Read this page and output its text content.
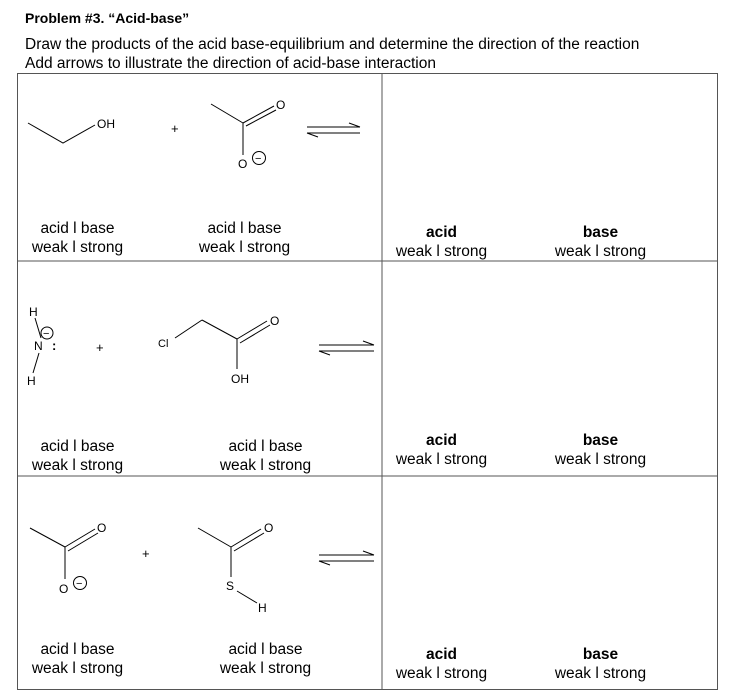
Problem #3. “Acid-base”
Draw the products of the acid base-equilibrium and determine the direction of the reaction
Add arrows to illustrate the direction of acid-base interaction
OH	+
O
O −
H
N :
H
−
+	Cl
O
OH
O
O −
+
O
S
H
acid l base
weak l strong
acid l base
weak l strong
acid
weak l strong
base
weak l strong
acid l base
weak l strong
acid l base
weak l strong
acid
weak l strong
base
weak l strong
acid l base
weak l strong
acid l base
weak l strong
acid
weak l strong
base
weak l strong
